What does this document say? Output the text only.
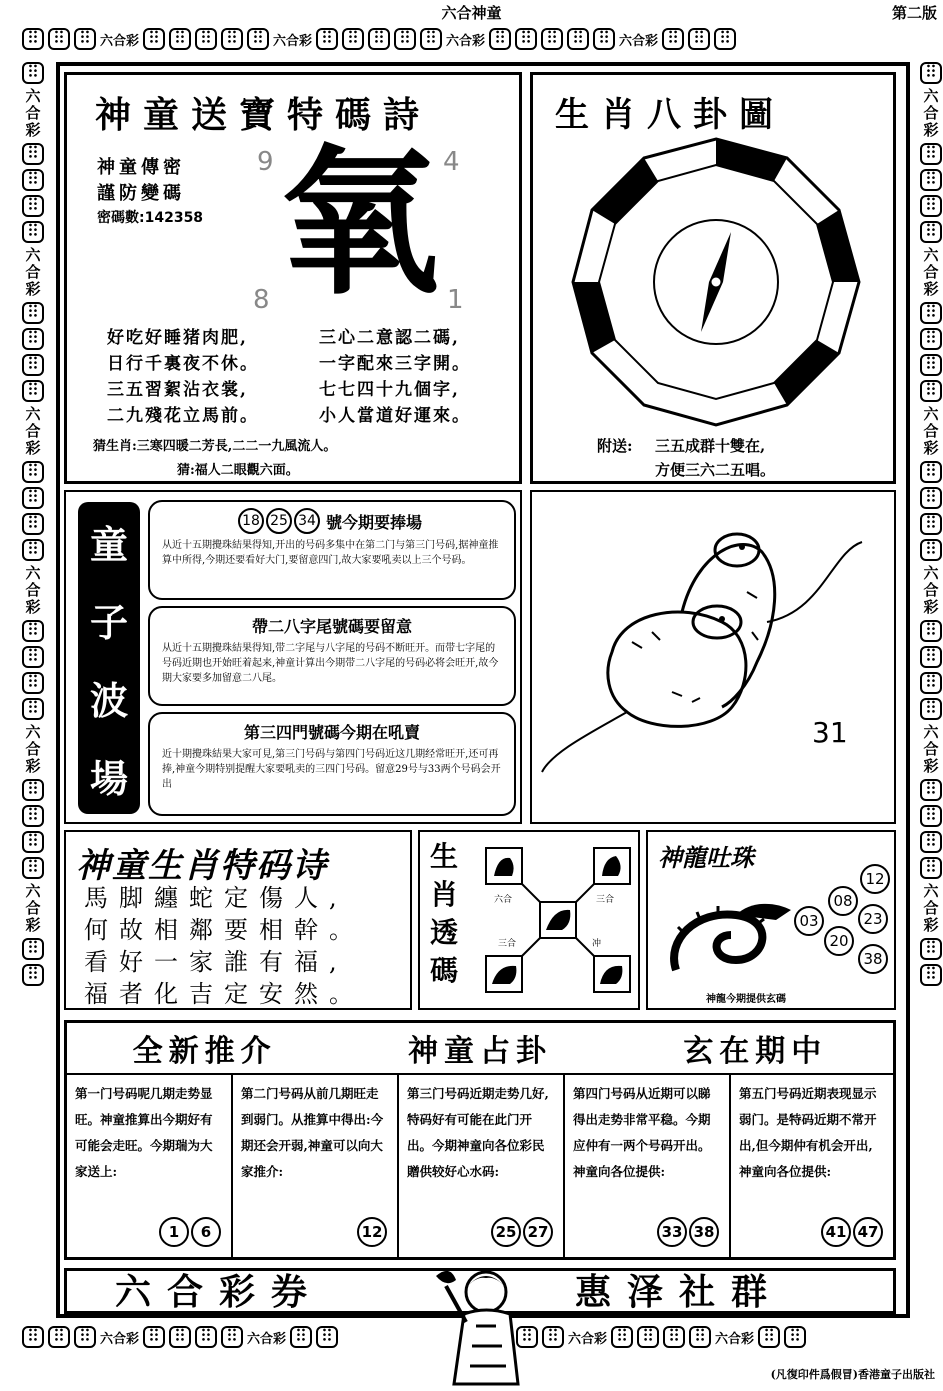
六合神童	第二版
⠿
⠿
⠿
六合彩 ⠿ ⠿ ⠿ ⠿ ⠿	六合彩 ⠿ ⠿ ⠿ ⠿ ⠿	六合彩 ⠿ ⠿ ⠿ ⠿ ⠿	六合彩
⠿
⠿
⠿
⠿
六合彩
⠿
⠿
⠿
⠿
六合彩
⠿
⠿
⠿
⠿
六合彩
⠿
⠿
⠿
⠿
六合彩
⠿
⠿
⠿
⠿
六合彩
⠿
⠿
⠿
⠿
六合彩
⠿
⠿
⠿
六合彩
⠿
⠿
⠿
⠿
六合彩
⠿
⠿
⠿
⠿
六合彩
⠿
⠿
⠿
⠿
六合彩
⠿
⠿
⠿
⠿
六合彩
⠿
⠿
⠿
⠿
六合彩
⠿
⠿
⠿
⠿
⠿
六合彩 ⠿ ⠿ ⠿ ⠿	六合彩 ⠿ ⠿ ⠿ ⠿	六合彩 ⠿ ⠿ ⠿ ⠿	六合彩
⠿
⠿
(凡復印件爲假冒)香港童子出版社
神童送寶特碼詩
神童傳密
謹防變碼
密碼數:142358
9	4
8	1
氧
好吃好睡猪肉肥,
日行千裏夜不休。
三五習絮沾衣裳,
二九殘花立馬前。
三心二意認二碼,
一字配來三字開。
七七四十九個字,
小人當道好運來。
猜生肖:三寒四暖二芳長,二二一九風流人。
猜:福人二眼觀六面。
生肖八卦圖
附送: 三五成群十雙在,
方便三六二五唱。
童
子
波
場
18 25 34 號今期要捧場
从近十五期攪珠結果得知,开出的号码多集中在第二门与第三门号码,据神童推算中所得,今期还要看好大门,要留意四门,故大家要吼卖以上三个号码。
帶二八字尾號碼要留意
从近十五期攪珠結果得知,带二字尾与八字尾的号码不断旺开。而带七字尾的号码近期也开始旺着起来,神童计算出今期带二八字尾的号码必将会旺开,故今期大家要多加留意二八尾。
第三四門號碼今期在吼賣
近十期攪珠結果大家可見,第三门号码与第四门号码近这几期经常旺开,还可再捧,神童今期特别提醒大家要吼卖的三四门号码。留意29号与33两个号码会开出
31
神童生肖特码诗
馬脚纏蛇定傷人,
何故相鄰要相幹。
看好一家誰有福,
福者化吉定安然。
生
肖
透
碼
六合	三合
三合	冲
神龍吐珠
12
08
03	23
20
38
神龍今期提供玄碼
全新推介	神童占卦	玄在期中
第一门号码呢几期走势显旺。神童推算出今期好有可能会走旺。今期瑞为大家送上:
1	6
第二门号码从前几期旺走到弱门。从推算中得出:今期还会开弱,神童可以向大家推介:
12
第三门号码近期走势几好,特码好有可能在此门开出。今期神童向各位彩民贈供较好心水码:
25 27
第四门号码从近期可以睇得出走势非常平稳。今期应仲有一两个号码开出。神童向各位提供:
33 38
第五门号码近期表现显示弱门。是特码近期不常开出,但今期仲有机会开出,神童向各位提供:
41 47
六合彩券	惠泽社群
